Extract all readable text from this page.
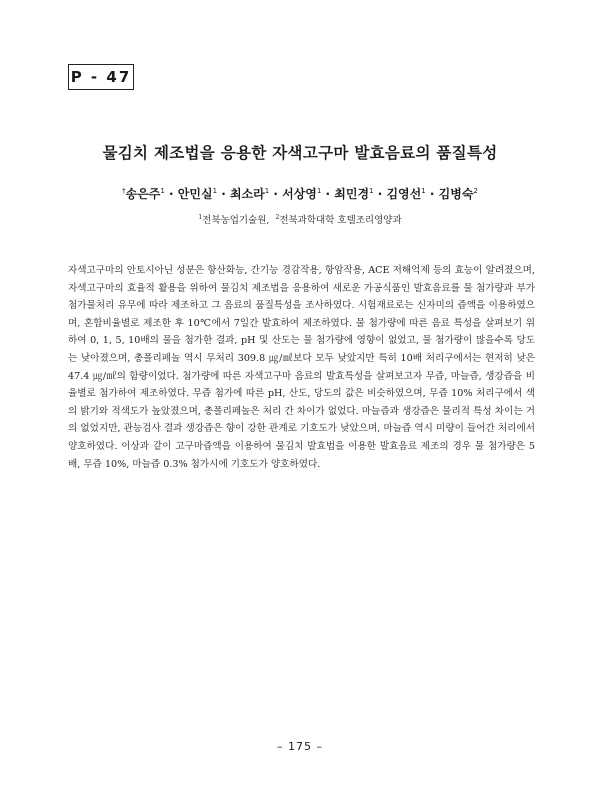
P - 47
물김치 제조법을 응용한 자색고구마 발효음료의 품질특성
†송은주$^1$ · 안민실$^1$ · 최소라$^1$ · 서상영$^1$ · 최민경$^1$ · 김영선$^1$ · 김병숙$^2$
$^1$전북농업기술원, $^2$전북과학대학 호텔조리영양과

자색고구마의 안토시아닌 성분은 항산화능, 간기능 경감작용, 항암작용, ACE 저해억제 등의 효능이 알려졌으며, 자색고구마의 효율적 활용을 위하여 물김치 제조법을 응용하여 새로운 가공식품인 발효음료를 물 첨가량과 부가 첨가물처리 유무에 따라 제조하고 그 음료의 품질특성을 조사하였다. 시험재료로는 신자미의 즙액을 이용하였으며, 혼합비율별로 제조한 후 10℃에서 7일간 발효하여 제조하였다. 물 첨가량에 따른 음료 특성을 살펴보기 위하여 0, 1, 5, 10배의 물을 첨가한 결과, pH 및 산도는 물 첨가량에 영향이 없었고, 물 첨가량이 많을수록 당도는 낮아졌으며, 총폴리페놀 역시 무처리 309.8 ㎍/㎖보다 모두 낮았지만 특히 10배 처리구에서는 현저히 낮은 47.4 ㎍/㎖의 함량이었다. 첨가량에 따른 자색고구마 음료의 발효특성을 살펴보고자 무즙, 마늘즙, 생강즙을 비율별로 첨가하여 제조하였다. 무즙 첨가에 따른 pH, 산도, 당도의 값은 비슷하였으며, 무즙 10% 처리구에서 색의 밝기와 적색도가 높았졌으며, 총폴리페놀은 처리 간 차이가 없었다. 마늘즙과 생강즙은 물리적 특성 차이는 거의 없었지만, 관능검사 결과 생강즙은 향이 강한 관계로 기호도가 낮았으며, 마늘즙 역시 미량이 들어간 처리에서 양호하였다. 이상과 같이 고구마즙액을 이용하여 물김치 발효법을 이용한 발효음료 제조의 경우 물 첨가량은 5배, 무즙 10%, 마늘즙 0.3% 첨가시에 기호도가 양호하였다.

– 175 –
